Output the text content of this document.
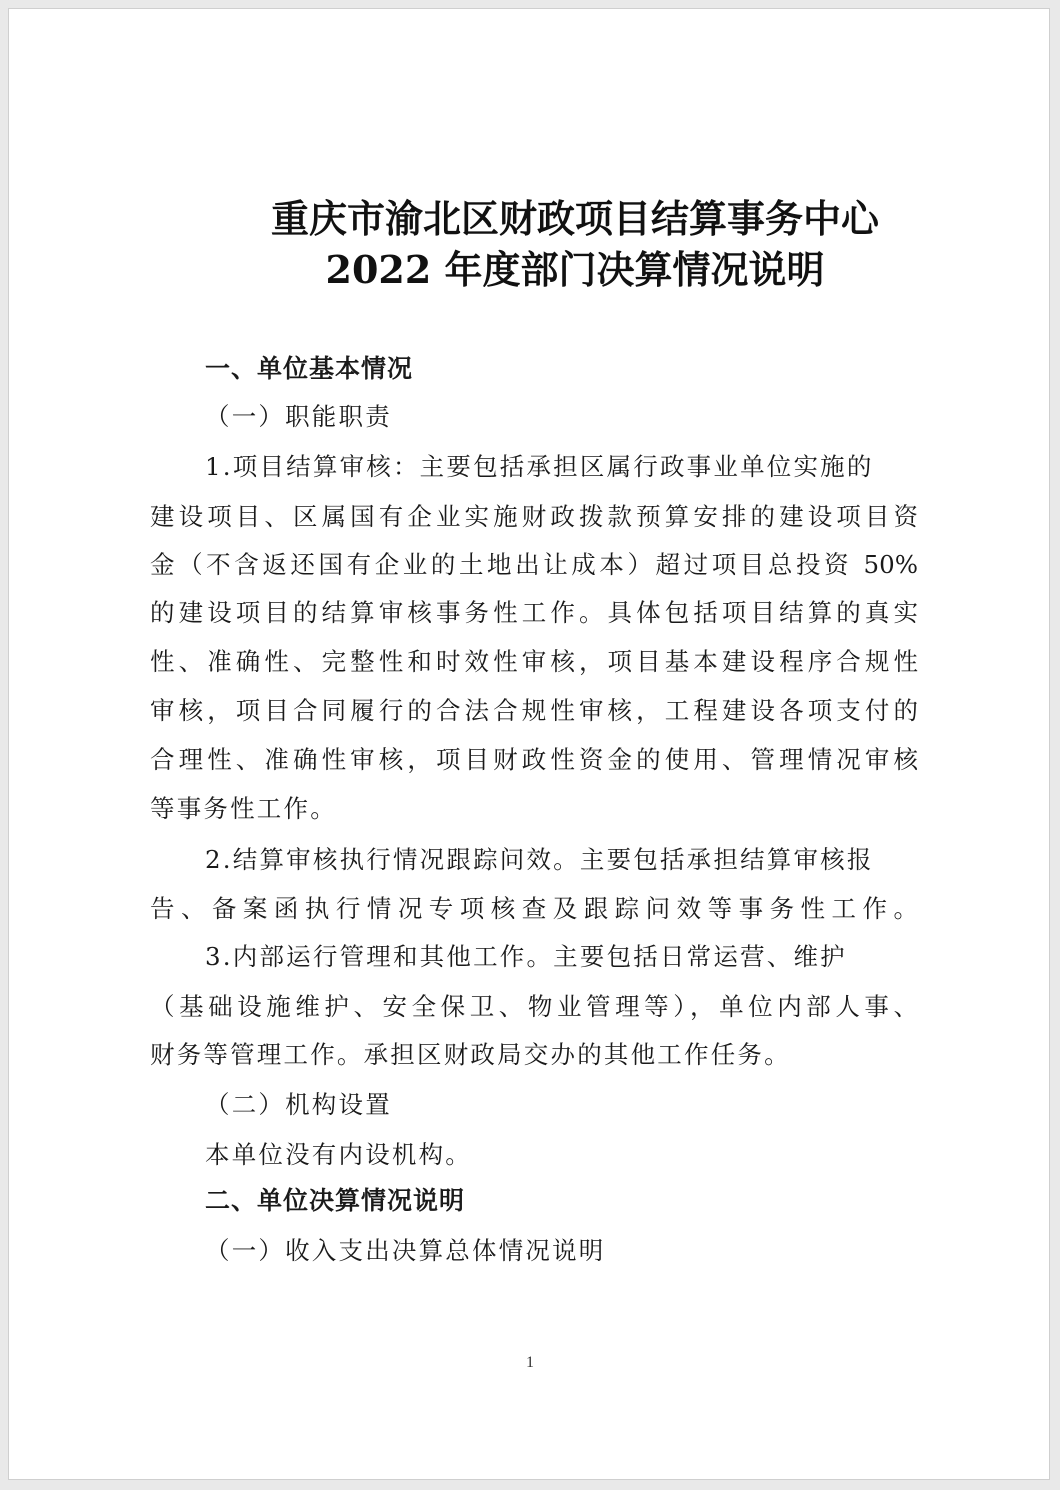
重庆市渝北区财政项目结算事务中心
2022 年度部门决算情况说明
一、单位基本情况
（一）职能职责
1.项目结算审核：主要包括承担区属行政事业单位实施的
建设项目、区属国有企业实施财政拨款预算安排的建设项目资
金（不含返还国有企业的土地出让成本）超过项目总投资 50%
的建设项目的结算审核事务性工作。具体包括项目结算的真实
性、准确性、完整性和时效性审核，项目基本建设程序合规性
审核，项目合同履行的合法合规性审核，工程建设各项支付的
合理性、准确性审核，项目财政性资金的使用、管理情况审核
等事务性工作。
2.结算审核执行情况跟踪问效。主要包括承担结算审核报
告、备案函执行情况专项核查及跟踪问效等事务性工作。
3.内部运行管理和其他工作。主要包括日常运营、维护
（基础设施维护、安全保卫、物业管理等），单位内部人事、
财务等管理工作。承担区财政局交办的其他工作任务。
（二）机构设置
本单位没有内设机构。
二、单位决算情况说明
（一）收入支出决算总体情况说明
1
